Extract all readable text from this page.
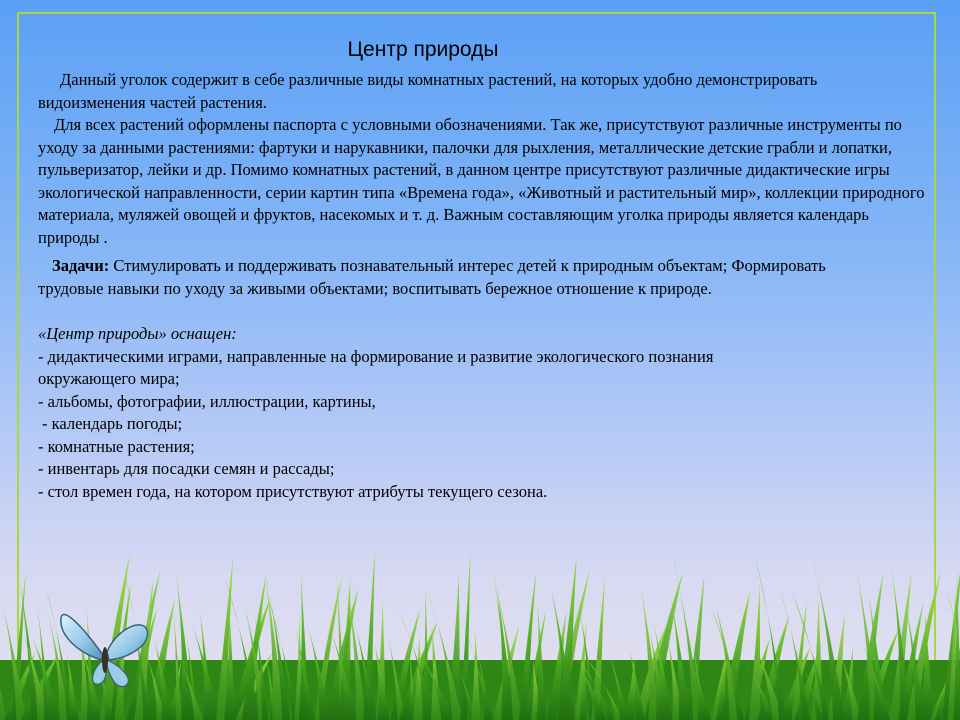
Центр природы

Данный уголок содержит в себе различные виды комнатных растений, на которых удобно демонстрировать видоизменения частей растения.

Для всех растений оформлены паспорта с условными обозначениями. Так же, присутствуют различные инструменты по уходу за данными растениями: фартуки и нарукавники, палочки для рыхления, металлические детские грабли и лопатки, пульверизатор, лейки и др. Помимо комнатных растений, в данном центре присутствуют различные дидактические игры экологической направленности, серии картин типа «Времена года», «Животный и растительный мир», коллекции природного материала, муляжей овощей и фруктов, насекомых и т. д. Важным составляющим уголка природы является календарь природы .

Задачи: Стимулировать и поддерживать познавательный интерес детей к природным объектам; Формировать трудовые навыки по уходу за живыми объектами; воспитывать бережное отношение к природе.

«Центр природы» оснащен:
- дидактическими играми, направленные на формирование и развитие экологического познания
окружающего мира;
- альбомы, фотографии, иллюстрации, картины,
- календарь погоды;
- комнатные растения;
- инвентарь для посадки семян и рассады;
- стол времен года, на котором присутствуют атрибуты текущего сезона.
